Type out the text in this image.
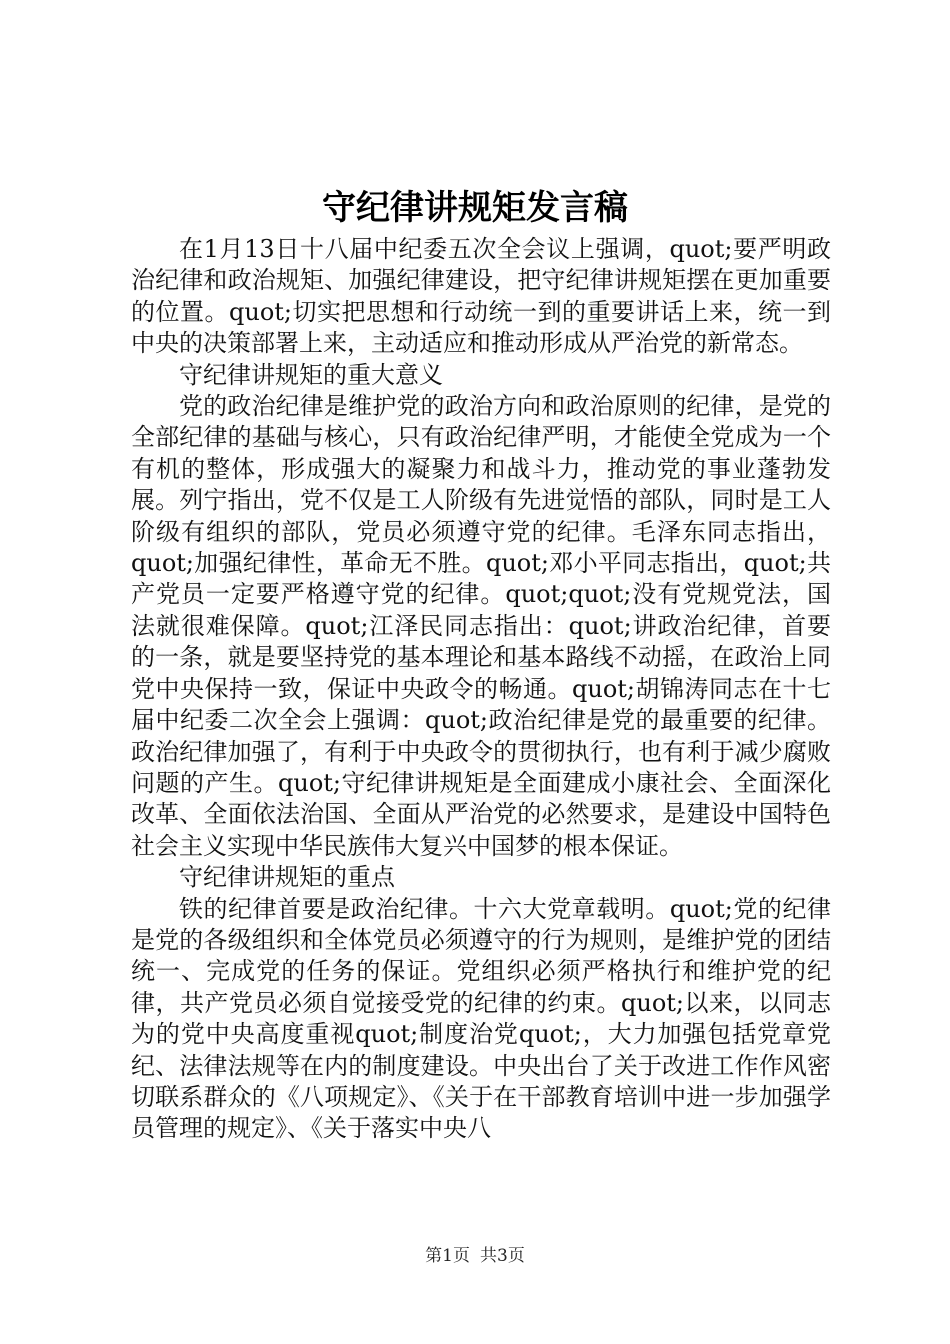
守纪律讲规矩发言稿

在1月13日十八届中纪委五次全会议上强调，quot;要严明政治纪律和政治规矩、加强纪律建设，把守纪律讲规矩摆在更加重要的位置。quot;切实把思想和行动统一到的重要讲话上来，统一到中央的决策部署上来，主动适应和推动形成从严治党的新常态。

守纪律讲规矩的重大意义

党的政治纪律是维护党的政治方向和政治原则的纪律，是党的全部纪律的基础与核心，只有政治纪律严明，才能使全党成为一个有机的整体，形成强大的凝聚力和战斗力，推动党的事业蓬勃发展。列宁指出，党不仅是工人阶级有先进觉悟的部队，同时是工人阶级有组织的部队，党员必须遵守党的纪律。毛泽东同志指出，quot;加强纪律性，革命无不胜。quot;邓小平同志指出，quot;共产党员一定要严格遵守党的纪律。quot;quot;没有党规党法，国法就很难保障。quot;江泽民同志指出：quot;讲政治纪律，首要的一条，就是要坚持党的基本理论和基本路线不动摇，在政治上同党中央保持一致，保证中央政令的畅通。quot;胡锦涛同志在十七届中纪委二次全会上强调：quot;政治纪律是党的最重要的纪律。政治纪律加强了，有利于中央政令的贯彻执行，也有利于减少腐败问题的产生。quot;守纪律讲规矩是全面建成小康社会、全面深化改革、全面依法治国、全面从严治党的必然要求，是建设中国特色社会主义实现中华民族伟大复兴中国梦的根本保证。

守纪律讲规矩的重点

铁的纪律首要是政治纪律。十六大党章载明。quot;党的纪律是党的各级组织和全体党员必须遵守的行为规则，是维护党的团结统一、完成党的任务的保证。党组织必须严格执行和维护党的纪律，共产党员必须自觉接受党的纪律的约束。quot;以来，以同志为的党中央高度重视quot;制度治党quot;，大力加强包括党章党纪、法律法规等在内的制度建设。中央出台了关于改进工作作风密切联系群众的《八项规定》、《关于在干部教育培训中进一步加强学员管理的规定》、《关于落实中央八

第1页 共3页
